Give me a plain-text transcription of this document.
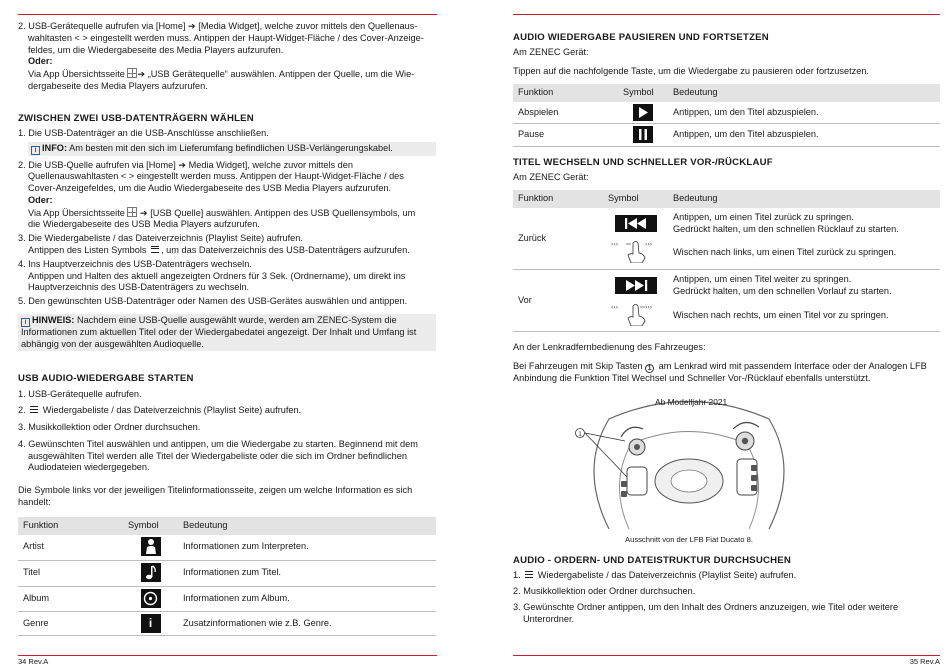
2. USB-Gerätequelle aufrufen via [Home] ➔ [Media Widget], welche zuvor mittels den Quellenaus-
wahltasten < > eingestellt werden muss. Antippen der Haupt-Widget-Fläche / des Cover-Anzeige-
feldes, um die Wiedergabeseite des Media Players aufzurufen.

Oder:
Via App Übersichtsseite ➔ „USB Gerätequelle“ auswählen. Antippen der Quelle, um die Wie-
dergabeseite des Media Players aufzurufen.
ZWISCHEN ZWEI USB-DATENTRÄGERN WÄHLEN

1. Die USB-Datenträger an die USB-Anschlüsse anschließen.

i INFO: Am besten mit den sich im Lieferumfang befindlichen USB-Verlängerungskabel.

2. Die USB-Quelle aufrufen via [Home] ➔ Media Widget], welche zuvor mittels den
Quellenauswahltasten < > eingestellt werden muss. Antippen der Haupt-Widget-Fläche / des
Cover-Anzeigefeldes, um die Audio Wiedergabeseite des USB Media Players aufzurufen.

Oder:
Via App Übersichtsseite ➔ [USB Quelle] auswählen. Antippen des USB Quellensymbols, um
die Wiedergabeseite des USB Media Players aufzurufen.

3. Die Wiedergabeliste / das Dateiverzeichnis (Playlist Seite) aufrufen.
Antippen des Listen Symbols , um das Dateiverzeichnis des USB-Datenträgers aufzurufen.

4. Ins Hauptverzeichnis des USB-Datenträgers wechseln.
Antippen und Halten des aktuell angezeigten Ordners für 3 Sek. (Ordnername), um direkt ins
Hauptverzeichnis des USB-Datenträgers zu wechseln.

5. Den gewünschten USB-Datenträger oder Namen des USB-Gerätes auswählen und antippen.

i HINWEIS: Nachdem eine USB-Quelle ausgewählt wurde, werden am ZENEC-System die
Informationen zum aktuellen Titel oder der Wiedergabedatei angezeigt. Der Inhalt und Umfang ist
abhängig von der ausgewählten Audioquelle.
USB AUDIO-WIEDERGABE STARTEN

1. USB-Gerätequelle aufrufen.

2. Wiedergabeliste / das Dateiverzeichnis (Playlist Seite) aufrufen.

3. Musikkollektion oder Ordner durchsuchen.

4. Gewünschten Titel auswählen und antippen, um die Wiedergabe zu starten. Beginnend mit dem
ausgewählten Titel werden alle Titel der Wiedergabeliste oder die sich im Ordner befindlichen
Audiodateien wiedergegeben.

Die Symbole links vor der jeweiligen Titelinformationsseite, zeigen um welche Information es sich
handelt:

Funktion	Symbol	Bedeutung
Artist		Informationen zum Interpreten.
Titel		Informationen zum Titel.
Album		Informationen zum Album.
Genre	i	Zusatzinformationen wie z.B. Genre.
34 Rev.A
AUDIO WIEDERGABE PAUSIEREN UND FORTSETZEN

Am ZENEC Gerät:

Tippen auf die nachfolgende Taste, um die Wiedergabe zu pausieren oder fortzusetzen.

Funktion	Symbol	Bedeutung
Abspielen		Antippen, um den Titel abzuspielen.
Pause		Antippen, um den Titel abzuspielen.
TITEL WECHSELN UND SCHNELLER VOR-/RÜCKLAUF

Am ZENEC Gerät:

Funktion	Symbol	Bedeutung
Zurück		Antippen, um einen Titel zurück zu springen.
Gedrückt halten, um den schnellen Rücklauf zu starten.

‹‹‹ ›››	Wischen nach links, um einen Titel zurück zu springen.
Vor		Antippen, um einen Titel weiter zu springen.
Gedrückt halten, um den schnellen Vorlauf zu starten.

‹‹‹ ›››	Wischen nach rechts, um einen Titel vor zu springen.

An der Lenkradfernbedienung des Fahrzeuges:

Bei Fahrzeugen mit Skip Tasten 1 am Lenkrad wird mit passendem Interface oder der Analogen LFB
Anbindung die Funktion Titel Wechsel und Schneller Vor-/Rücklauf ebenfalls unterstützt.

1
Ab Modelljahr 2021
Ausschnitt von der LFB Fiat Ducato 8.
AUDIO - ORDERN- UND DATEISTRUKTUR DURCHSUCHEN

1. Wiedergabeliste / das Dateiverzeichnis (Playlist Seite) aufrufen.

2. Musikkollektion oder Ordner durchsuchen.

3. Gewünschte Ordner antippen, um den Inhalt des Ordners anzuzeigen, wie Titel oder weitere
Unterordner.

35 Rev.A
